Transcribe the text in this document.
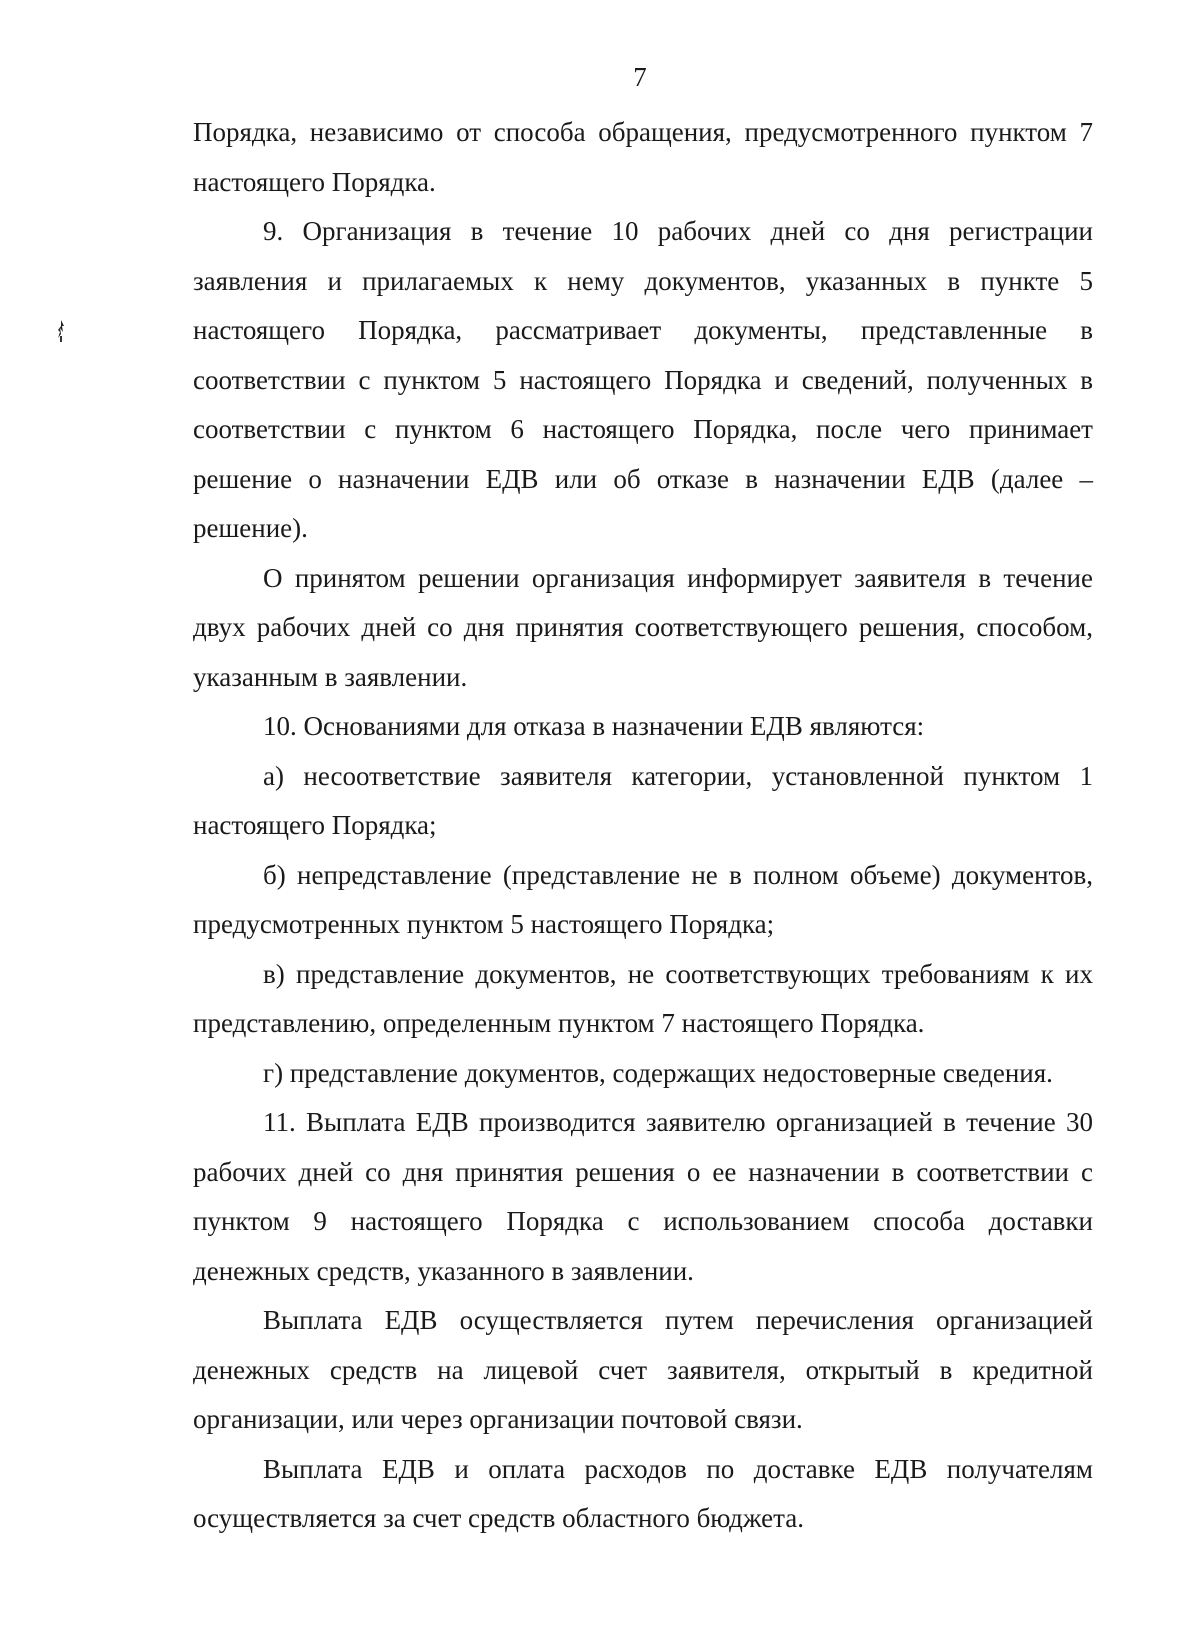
7

Порядка, независимо от способа обращения, предусмотренного пунктом 7 настоящего Порядка.

9. Организация в течение 10 рабочих дней со дня регистрации заявления и прилагаемых к нему документов, указанных в пункте 5 настоящего Порядка, рассматривает документы, представленные в соответствии с пунктом 5 настоящего Порядка и сведений, полученных в соответствии с пунктом 6 настоящего Порядка, после чего принимает решение о назначении ЕДВ или об отказе в назначении ЕДВ (далее – решение).

О принятом решении организация информирует заявителя в течение двух рабочих дней со дня принятия соответствующего решения, способом, указанным в заявлении.

10. Основаниями для отказа в назначении ЕДВ являются:

а) несоответствие заявителя категории, установленной пунктом 1 настоящего Порядка;

б) непредставление (представление не в полном объеме) документов, предусмотренных пунктом 5 настоящего Порядка;

в) представление документов, не соответствующих требованиям к их представлению, определенным пунктом 7 настоящего Порядка.

г) представление документов, содержащих недостоверные сведения.

11. Выплата ЕДВ производится заявителю организацией в течение 30 рабочих дней со дня принятия решения о ее назначении в соответствии с пунктом 9 настоящего Порядка с использованием способа доставки денежных средств, указанного в заявлении.

Выплата ЕДВ осуществляется путем перечисления организацией денежных средств на лицевой счет заявителя, открытый в кредитной организации, или через организации почтовой связи.

Выплата ЕДВ и оплата расходов по доставке ЕДВ получателям осуществляется за счет средств областного бюджета.
